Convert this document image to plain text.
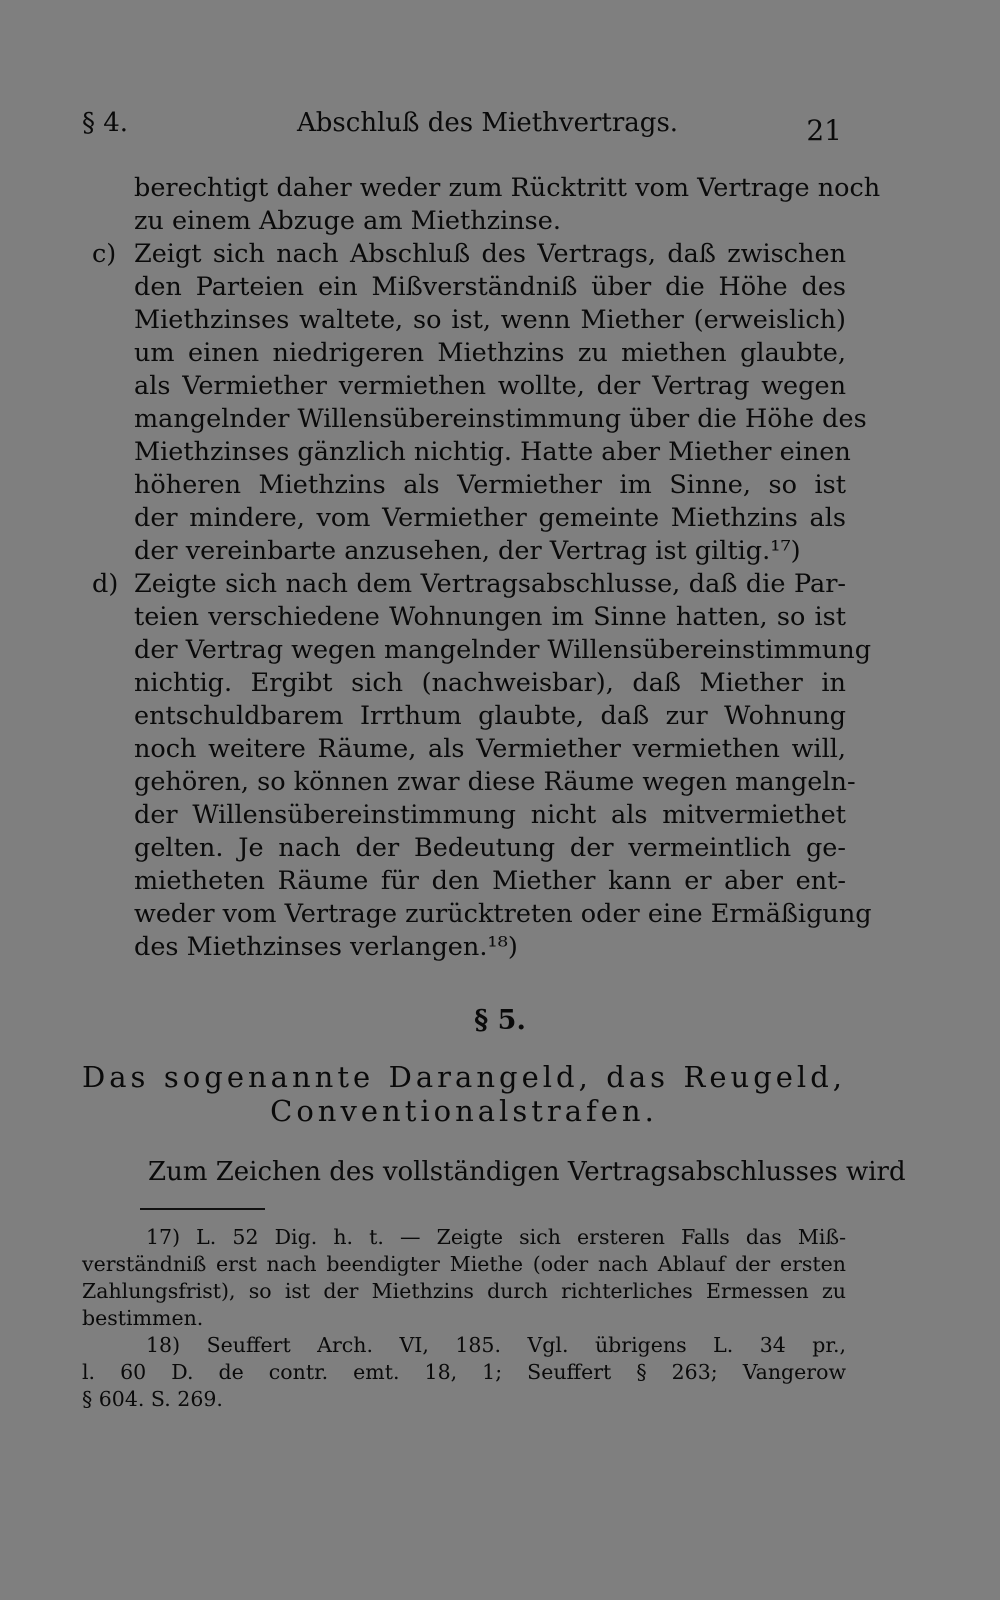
§ 4.	Abschluß des Miethvertrags.	21
berechtigt daher weder zum Rücktritt vom Vertrage noch
zu einem Abzuge am Miethzinse.
c) Zeigt sich nach Abschluß des Vertrags, daß zwischen
den Parteien ein Mißverständniß über die Höhe des
Miethzinses waltete, so ist, wenn Miether (erweislich)
um einen niedrigeren Miethzins zu miethen glaubte,
als Vermiether vermiethen wollte, der Vertrag wegen
mangelnder Willensübereinstimmung über die Höhe des
Miethzinses gänzlich nichtig. Hatte aber Miether einen
höheren Miethzins als Vermiether im Sinne, so ist
der mindere, vom Vermiether gemeinte Miethzins als
der vereinbarte anzusehen, der Vertrag ist giltig.¹⁷)
d) Zeigte sich nach dem Vertragsabschlusse, daß die Par-
teien verschiedene Wohnungen im Sinne hatten, so ist
der Vertrag wegen mangelnder Willensübereinstimmung
nichtig. Ergibt sich (nachweisbar), daß Miether in
entschuldbarem Irrthum glaubte, daß zur Wohnung
noch weitere Räume, als Vermiether vermiethen will,
gehören, so können zwar diese Räume wegen mangeln-
der Willensübereinstimmung nicht als mitvermiethet
gelten. Je nach der Bedeutung der vermeintlich ge-
mietheten Räume für den Miether kann er aber ent-
weder vom Vertrage zurücktreten oder eine Ermäßigung
des Miethzinses verlangen.¹⁸)
§ 5.
Das sogenannte Darangeld, das Reugeld,
Conventionalstrafen.
Zum Zeichen des vollständigen Vertragsabschlusses wird
17) L. 52 Dig. h. t. — Zeigte sich ersteren Falls das Miß-
verständniß erst nach beendigter Miethe (oder nach Ablauf der ersten
Zahlungsfrist), so ist der Miethzins durch richterliches Ermessen zu
bestimmen.
18) Seuffert Arch. VI, 185. Vgl. übrigens L. 34 pr.,
l. 60 D. de contr. emt. 18, 1; Seuffert § 263; Vangerow
§ 604. S. 269.
